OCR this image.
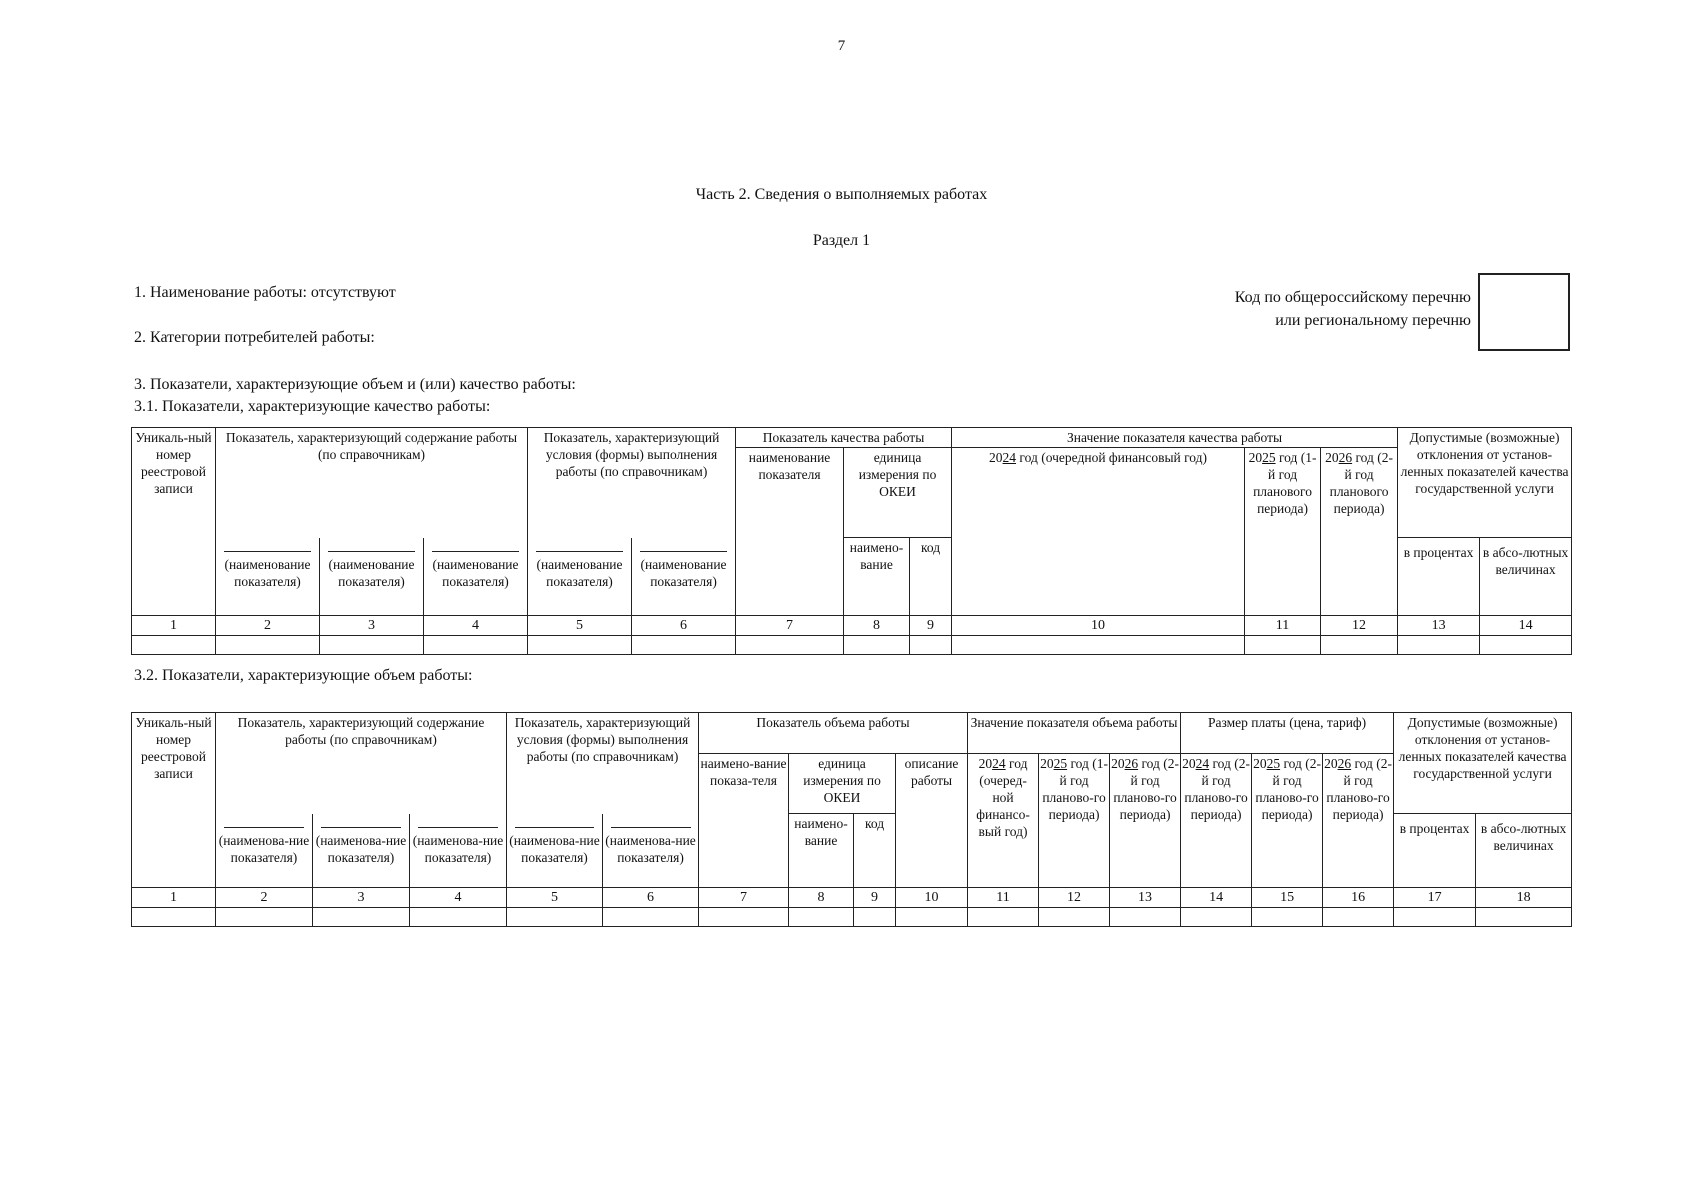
7
Часть 2. Сведения о выполняемых работах
Раздел 1
1. Наименование работы: отсутствуют
2. Категории потребителей работы:
3. Показатели, характеризующие объем и (или) качество работы:
3.1. Показатели, характеризующие качество работы:
3.2. Показатели, характеризующие объем работы:
Код по общероссийскому перечню или региональному перечню
Уникаль-ный номер реестровой записи	Показатель, характеризующий содержание работы (по справочникам)			Показатель, характеризующий условия (формы) выполнения работы (по справочникам)		Показатель качества работы			Значение показателя качества работы			Допустимые (возможные) отклонения от установ-ленных показателей качества государственной услуги	
						наименование показателя	единица измерения по ОКЕИ		2024 год (очередной финансовый год)	2025 год (1-й год планового периода)	2026 год (2-й год планового периода)		

	(наименование показателя)	(наименование показателя)	(наименование показателя)	(наименование показателя)	(наименование показателя)		наимено-вание	код				в процентах	в абсо-лютных величинах
1	2	3	4	5	6	7	8	9	10	11	12	13	14

Уникаль-ный номер реестровой записи	Показатель, характеризующий содержание работы (по справочникам)			Показатель, характеризующий условия (формы) выполнения работы (по справочникам)		Показатель объема работы				Значение показателя объема работы			Размер платы (цена, тариф)			Допустимые (возможные) отклонения от установ-ленных показателей качества государственной услуги	
						наимено-вание показа-теля	единица измерения по ОКЕИ		описание работы	2024 год (очеред-ной финансо-вый год)	2025 год (1-й год планово-го периода)	2026 год (2-й год планово-го периода)	2024 год (2-й год планово-го периода)	2025 год (2-й год планово-го периода)	2026 год (2-й год планово-го периода)		

	(наименова-ние показателя)	(наименова-ние показателя)	(наименова-ние показателя)	(наименова-ние показателя)	(наименова-ние показателя)		наимено-вание	код								в процентах	в абсо-лютных величинах
1	2	3	4	5	6	7	8	9	10	11	12	13	14	15	16	17	18
